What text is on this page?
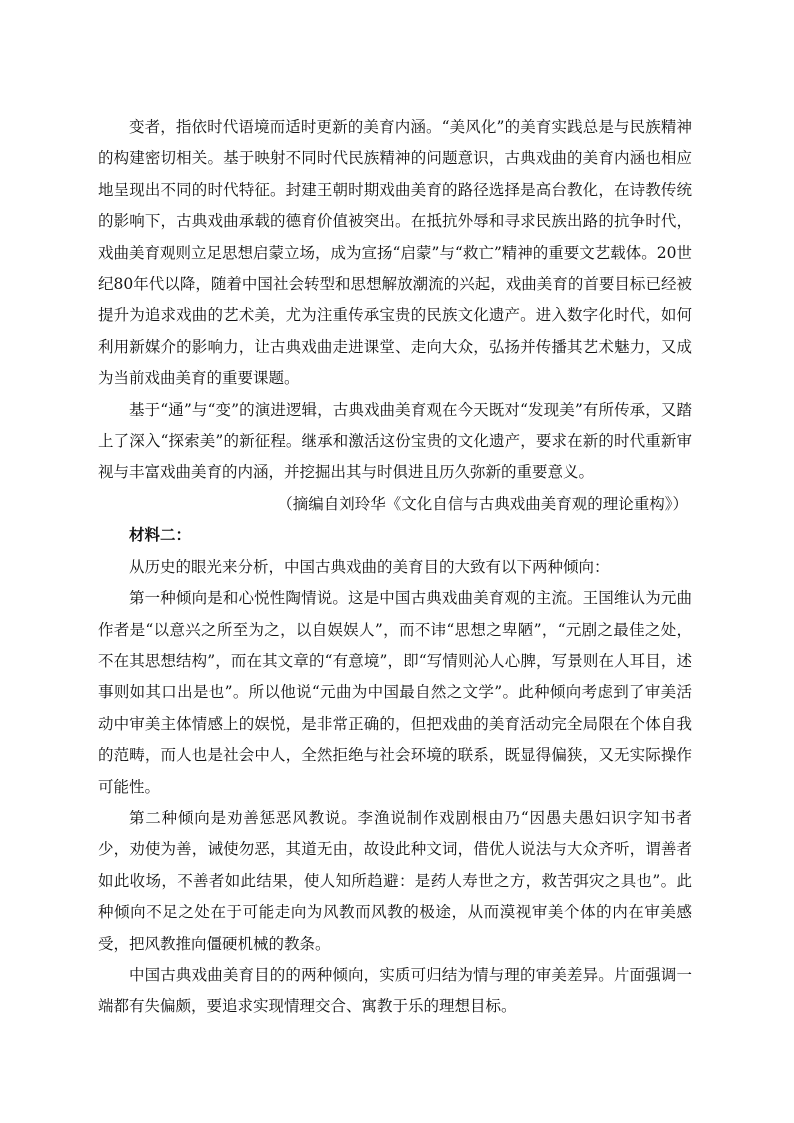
变者，指依时代语境而适时更新的美育内涵。“美风化”的美育实践总是与民族精神的构建密切相关。基于映射不同时代民族精神的问题意识，古典戏曲的美育内涵也相应地呈现出不同的时代特征。封建王朝时期戏曲美育的路径选择是高台教化，在诗教传统的影响下，古典戏曲承载的德育价值被突出。在抵抗外辱和寻求民族出路的抗争时代，戏曲美育观则立足思想启蒙立场，成为宣扬“启蒙”与“救亡”精神的重要文艺载体。20世纪80年代以降，随着中国社会转型和思想解放潮流的兴起，戏曲美育的首要目标已经被提升为追求戏曲的艺术美，尤为注重传承宝贵的民族文化遗产。进入数字化时代，如何利用新媒介的影响力，让古典戏曲走进课堂、走向大众，弘扬并传播其艺术魅力，又成为当前戏曲美育的重要课题。

基于“通”与“变”的演进逻辑，古典戏曲美育观在今天既对“发现美”有所传承，又踏上了深入“探索美”的新征程。继承和激活这份宝贵的文化遗产，要求在新的时代重新审视与丰富戏曲美育的内涵，并挖掘出其与时俱进且历久弥新的重要意义。

（摘编自刘玲华《文化自信与古典戏曲美育观的理论重构》）

材料二：

从历史的眼光来分析，中国古典戏曲的美育目的大致有以下两种倾向：

第一种倾向是和心悦性陶情说。这是中国古典戏曲美育观的主流。王国维认为元曲作者是“以意兴之所至为之，以自娱娱人”，而不讳“思想之卑陋”，“元剧之最佳之处，不在其思想结构”，而在其文章的“有意境”，即“写情则沁人心脾，写景则在人耳目，述事则如其口出是也”。所以他说“元曲为中国最自然之文学”。此种倾向考虑到了审美活动中审美主体情感上的娱悦，是非常正确的，但把戏曲的美育活动完全局限在个体自我的范畴，而人也是社会中人，全然拒绝与社会环境的联系，既显得偏狭，又无实际操作可能性。

第二种倾向是劝善惩恶风教说。李渔说制作戏剧根由乃“因愚夫愚妇识字知书者少，劝使为善，诫使勿恶，其道无由，故设此种文词，借优人说法与大众齐听，谓善者如此收场，不善者如此结果，使人知所趋避：是药人寿世之方，救苦弭灾之具也”。此种倾向不足之处在于可能走向为风教而风教的极途，从而漠视审美个体的内在审美感受，把风教推向僵硬机械的教条。

中国古典戏曲美育目的的两种倾向，实质可归结为情与理的审美差异。片面强调一端都有失偏颇，要追求实现情理交合、寓教于乐的理想目标。
